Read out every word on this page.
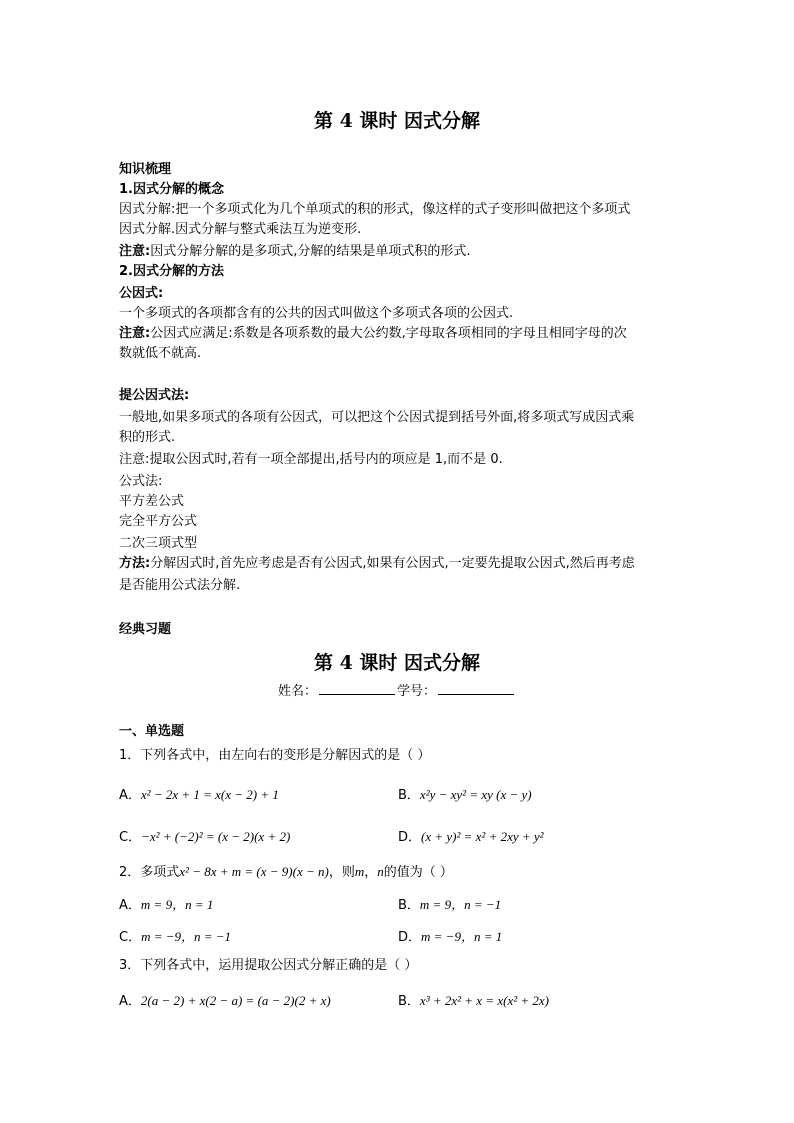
第 4 课时 因式分解
知识梳理
1.因式分解的概念
因式分解:把一个多项式化为几个单项式的积的形式，像这样的式子变形叫做把这个多项式
因式分解.因式分解与整式乘法互为逆变形.
注意:因式分解分解的是多项式,分解的结果是单项式积的形式.
2.因式分解的方法
公因式:
一个多项式的各项都含有的公共的因式叫做这个多项式各项的公因式.
注意:公因式应满足:系数是各项系数的最大公约数,字母取各项相同的字母且相同字母的次
数就低不就高.
提公因式法:
一般地,如果多项式的各项有公因式，可以把这个公因式提到括号外面,将多项式写成因式乘
积的形式.
注意:提取公因式时,若有一项全部提出,括号内的项应是 1,而不是 0.
公式法:
平方差公式
完全平方公式
二次三项式型
方法:分解因式时,首先应考虑是否有公因式,如果有公因式,一定要先提取公因式,然后再考虑
是否能用公式法分解.
经典习题
第 4 课时 因式分解
姓名：	学号：
一、单选题
1．下列各式中，由左向右的变形是分解因式的是（ ）
A．x² − 2x + 1 = x(x − 2) + 1	B．x²y − xy² = xy (x − y)
C．−x² + (−2)² = (x − 2)(x + 2)	D．(x + y)² = x² + 2xy + y²
2．多项式x² − 8x + m = (x − 9)(x − n)，则m，n的值为（ ）
A．m = 9，n = 1	B．m = 9，n = −1
C．m = −9，n = −1	D．m = −9，n = 1
3．下列各式中，运用提取公因式分解正确的是（ ）
A．2(a − 2) + x(2 − a) = (a − 2)(2 + x)	B．x³ + 2x² + x = x(x² + 2x)
